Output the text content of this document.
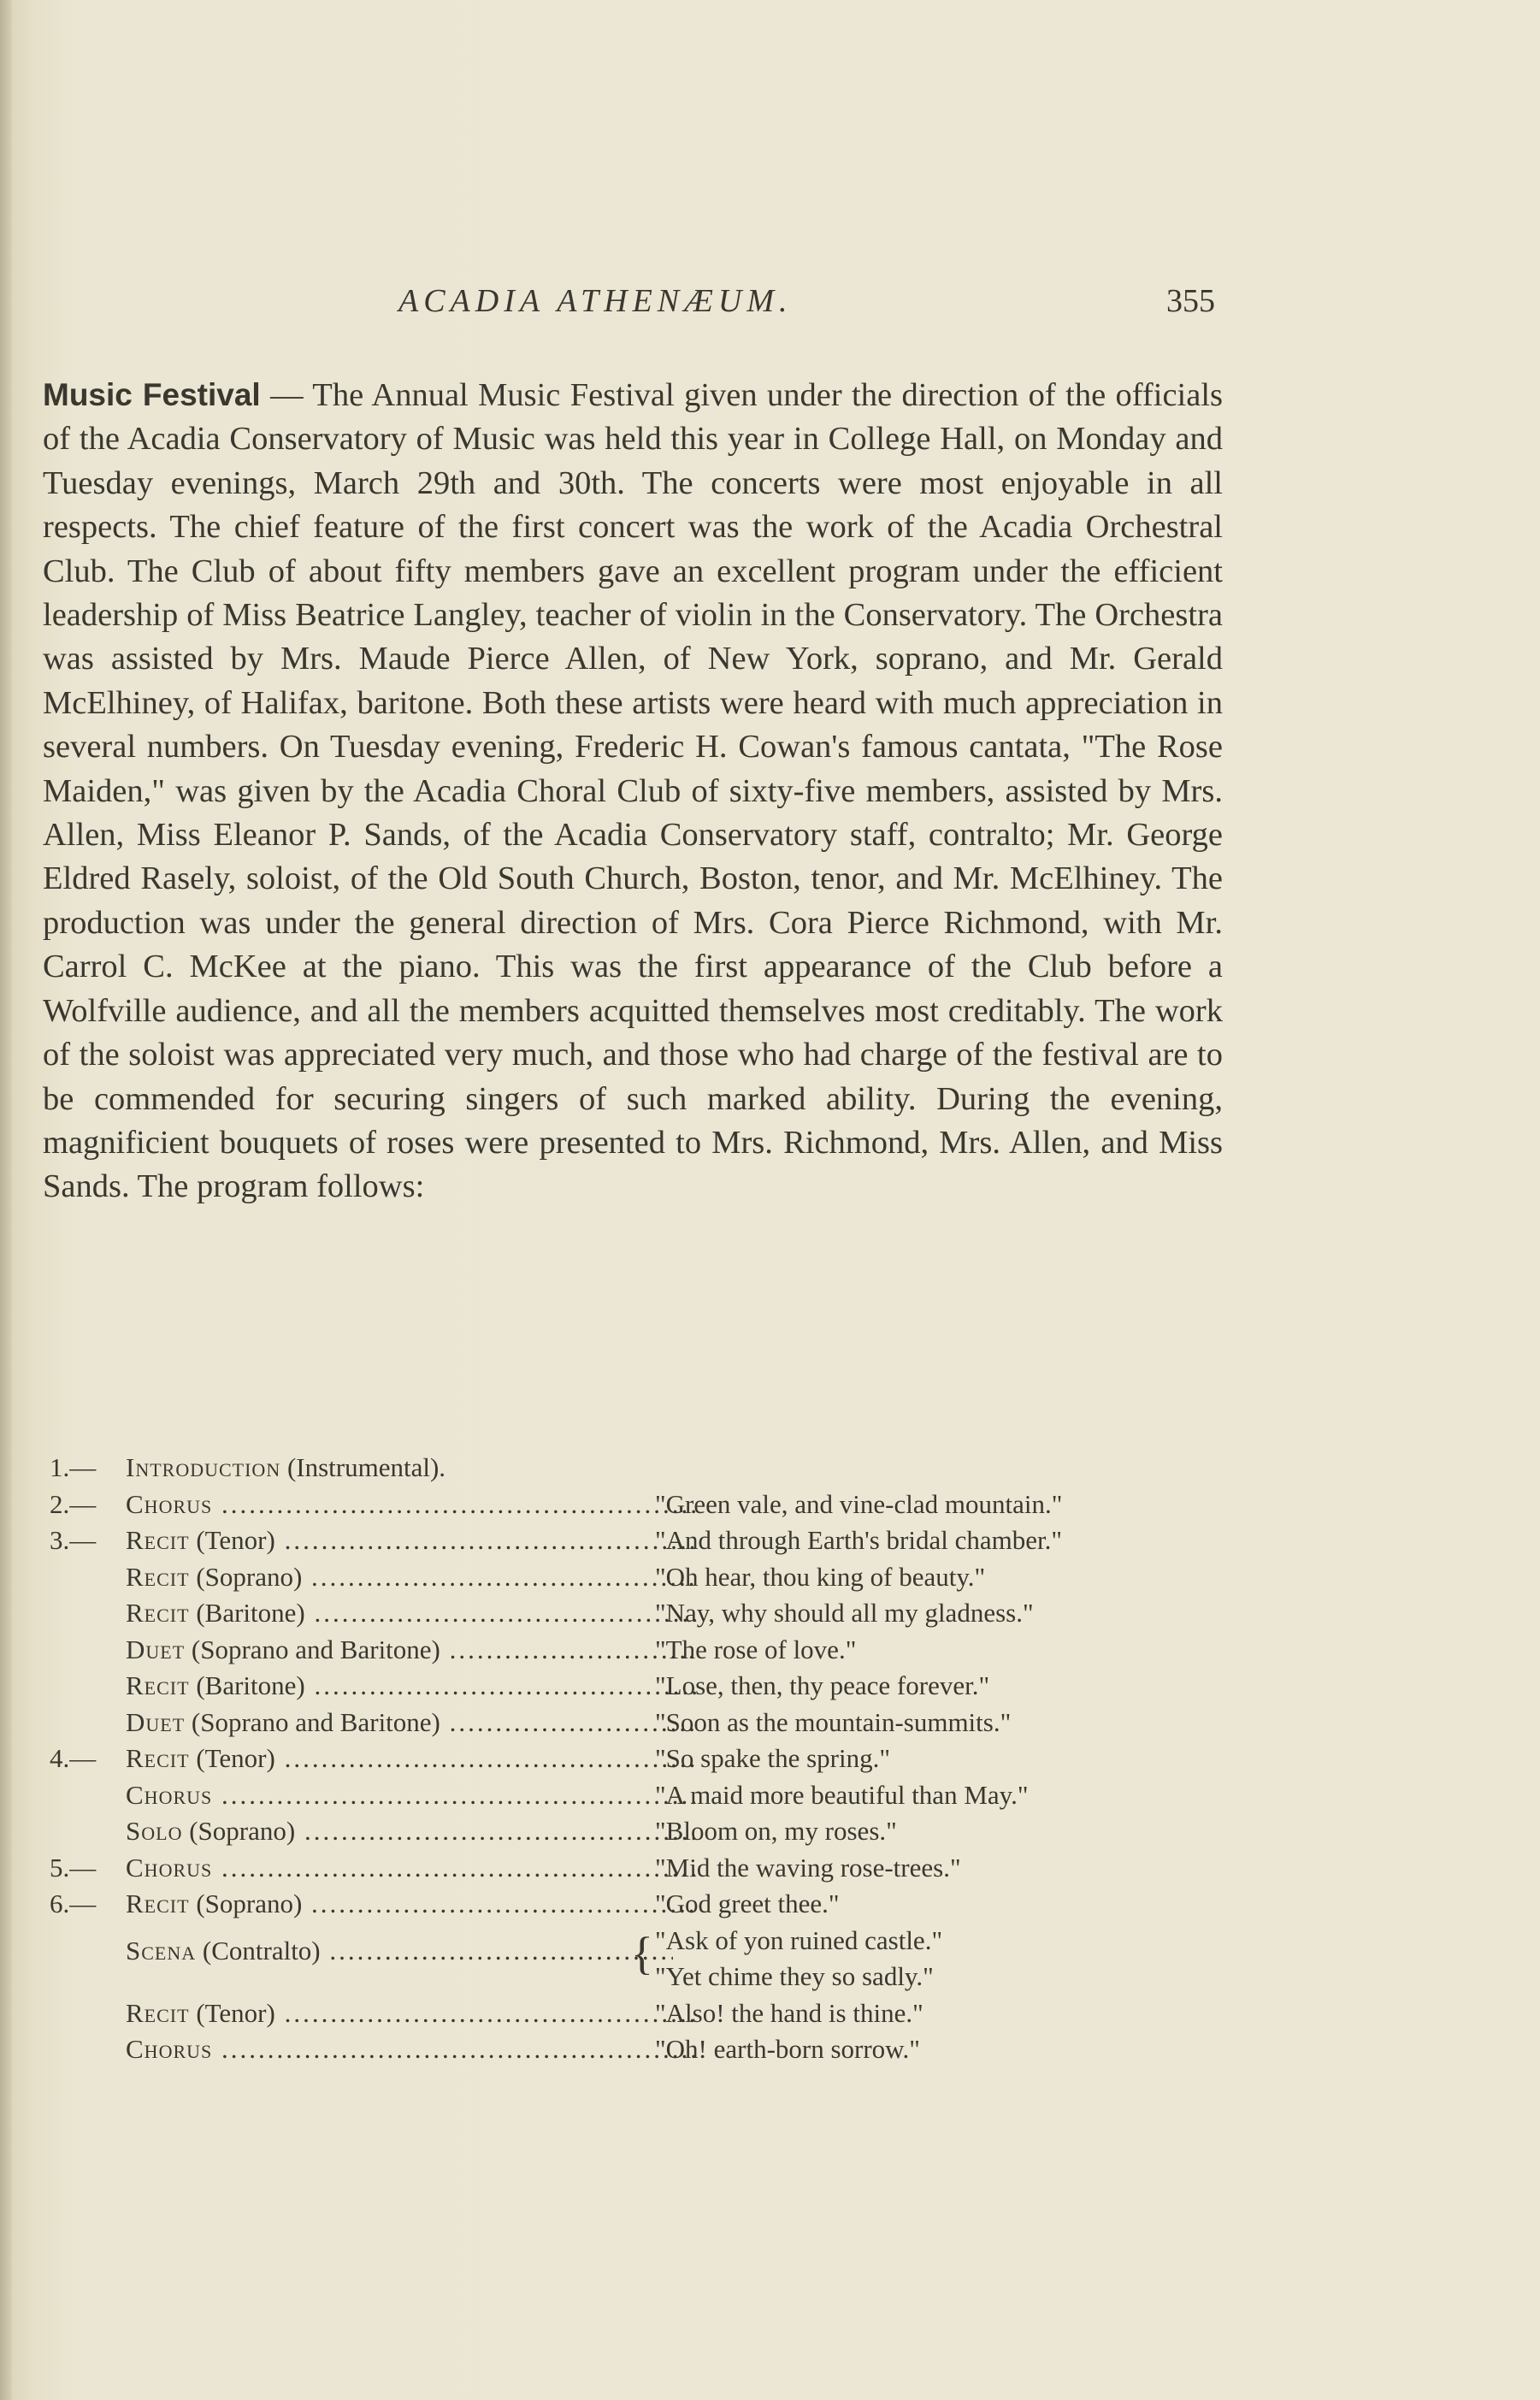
ACADIA ATHENÆUM.	355
Music Festival — The Annual Music Festival given under the direction of the officials of the Acadia Conservatory of Music was held this year in College Hall, on Monday and Tuesday evenings, March 29th and 30th. The concerts were most enjoyable in all respects. The chief feature of the first concert was the work of the Acadia Orchestral Club. The Club of about fifty members gave an excellent program under the efficient leadership of Miss Beatrice Langley, teacher of violin in the Conservatory. The Orchestra was assisted by Mrs. Maude Pierce Allen, of New York, soprano, and Mr. Gerald McElhiney, of Halifax, baritone. Both these artists were heard with much appreciation in several numbers. On Tuesday evening, Frederic H. Cowan's famous cantata, "The Rose Maiden," was given by the Acadia Choral Club of sixty-five members, assisted by Mrs. Allen, Miss Eleanor P. Sands, of the Acadia Conservatory staff, contralto; Mr. George Eldred Rasely, soloist, of the Old South Church, Boston, tenor, and Mr. McElhiney. The production was under the general direction of Mrs. Cora Pierce Richmond, with Mr. Carrol C. McKee at the piano. This was the first appearance of the Club before a Wolfville audience, and all the members acquitted themselves most creditably. The work of the soloist was appreciated very much, and those who had charge of the festival are to be commended for securing singers of such marked ability. During the evening, magnificient bouquets of roses were presented to Mrs. Richmond, Mrs. Allen, and Miss Sands. The program follows:
1.— Introduction (Instrumental).
2.— Chorus .....	"Green vale, and vine-clad mountain."
3.— Recit (Tenor) .....	"And through Earth's bridal chamber."
Recit (Soprano) .....	"Oh hear, thou king of beauty."
Recit (Baritone) .....	"Nay, why should all my gladness."
Duet (Soprano and Baritone) .....	"The rose of love."
Recit (Baritone) .....	"Lose, then, thy peace forever."
Duet (Soprano and Baritone) .....	"Soon as the mountain-summits."
4.— Recit (Tenor) .....	"So spake the spring."
Chorus .....	"A maid more beautiful than May."
Solo (Soprano) .....	"Bloom on, my roses."
5.— Chorus .....	"Mid the waving rose-trees."
6.— Recit (Soprano) .....	"God greet thee."
Scena (Contralto) .....	{ "Ask of yon ruined castle."
"Yet chime they so sadly."
Recit (Tenor) .....	"Also! the hand is thine."
Chorus .....	"Oh! earth-born sorrow."
